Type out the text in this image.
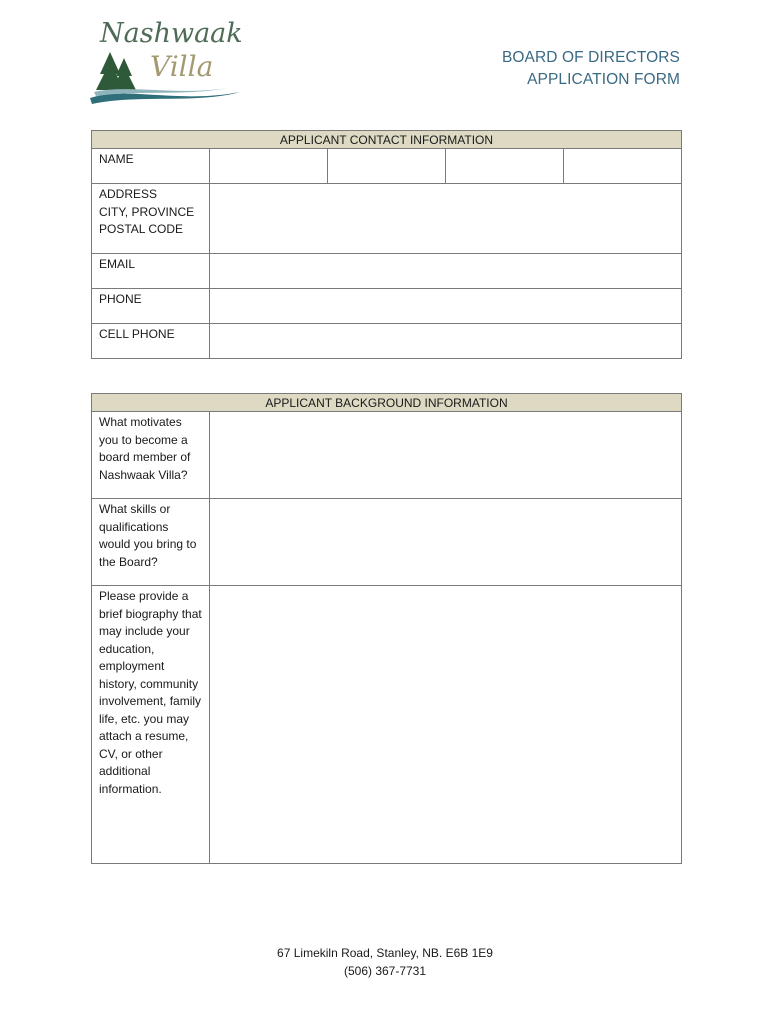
Nashwaak
Villa	BOARD OF DIRECTORS
APPLICATION FORM
APPLICANT CONTACT INFORMATION				

NAME				

ADDRESS
CITY, PROVINCE
POSTAL CODE				

EMAIL				

PHONE				

CELL PHONE				

APPLICANT BACKGROUND INFORMATION	

What motivates you to become a board member of Nashwaak Villa?	

What skills or qualifications would you bring to the Board?	

Please provide a brief biography that may include your education, employment history, community involvement, family life, etc. you may attach a resume, CV, or other additional information.	

67 Limekiln Road, Stanley, NB. E6B 1E9
(506) 367-7731
